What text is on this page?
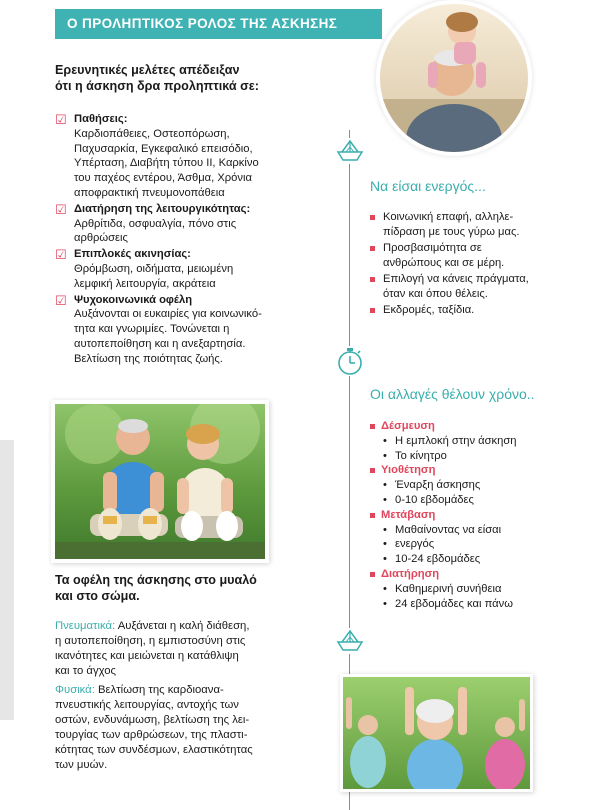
Ο ΠΡΟΛΗΠΤΙΚΟΣ ΡΟΛΟΣ ΤΗΣ ΑΣΚΗΣΗΣ
Ερευνητικές μελέτες απέδειξαν
ότι η άσκηση δρα προληπτικά σε:
☑ Παθήσεις:
Καρδιοπάθειες, Οστεοπόρωση,
Παχυσαρκία, Εγκεφαλικό επεισόδιο,
Υπέρταση, Διαβήτη τύπου ΙΙ, Καρκίνο
του παχέος εντέρου, Άσθμα, Χρόνια
αποφρακτική πνευμονοπάθεια
☑ Διατήρηση της λειτουργικότητας:
Αρθρίτιδα, οσφυαλγία, πόνο στις
αρθρώσεις
☑ Επιπλοκές ακινησίας:
Θρόμβωση, οιδήματα, μειωμένη
λεμφική λειτουργία, ακράτεια
☑ Ψυχοκοινωνικά οφέλη
Αυξάνονται οι ευκαιρίες για κοινωνικό-
τητα και γνωριμίες. Τονώνεται η
αυτοπεποίθηση και η ανεξαρτησία.
Βελτίωση της ποιότητας ζωής.
Τα οφέλη της άσκησης στο μυαλό
και στο σώμα.
Πνευματικά: Αυξάνεται η καλή διάθεση,
η αυτοπεποίθηση, η εμπιστοσύνη στις
ικανότητες και μειώνεται η κατάθλιψη
και το άγχος
Φυσικά: Βελτίωση της καρδιοανα-
πνευστικής λειτουργίας, αντοχής των
οστών, ενδυνάμωση, βελτίωση της λει-
τουργίας των αρθρώσεων, της πλαστι-
κότητας των συνδέσμων, ελαστικότητας
των μυών.
Να είσαι ενεργός...
Κοινωνική επαφή, αλληλε-
πίδραση με τους γύρω μας.
Προσβασιμότητα σε
ανθρώπους και σε μέρη.
Επιλογή να κάνεις πράγματα,
όταν και όπου θέλεις.
Εκδρομές, ταξίδια.
Οι αλλαγές θέλουν χρόνο..
Δέσμευση
• Η εμπλοκή στην άσκηση
• Το κίνητρο
Υιοθέτηση
• Έναρξη άσκησης
• 0-10 εβδομάδες
Μετάβαση
• Μαθαίνοντας να είσαι
• ενεργός
• 10-24 εβδομάδες
Διατήρηση
• Καθημερινή συνήθεια
• 24 εβδομάδες και πάνω
